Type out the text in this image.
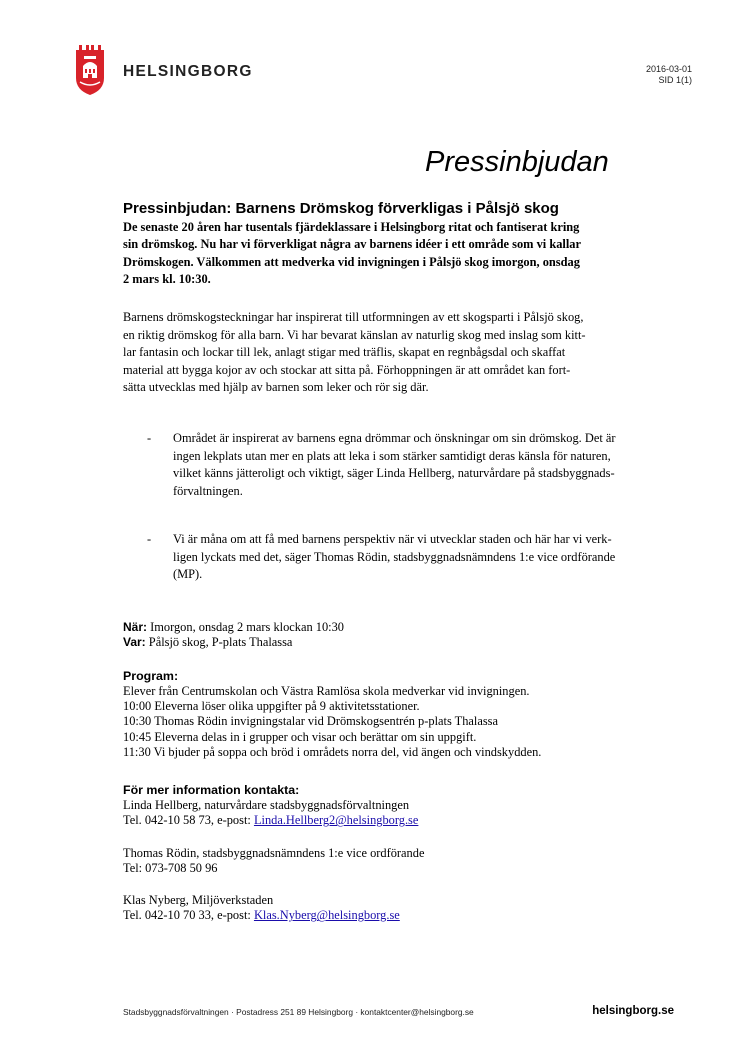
HELSINGBORG	2016-03-01
SID 1(1)
Pressinbjudan
Pressinbjudan: Barnens Drömskog förverkligas i Pålsjö skog
De senaste 20 åren har tusentals fjärdeklassare i Helsingborg ritat och fantiserat kring
sin drömskog. Nu har vi förverkligat några av barnens idéer i ett område som vi kallar
Drömskogen. Välkommen att medverka vid invigningen i Pålsjö skog imorgon, onsdag
2 mars kl. 10:30.
Barnens drömskogsteckningar har inspirerat till utformningen av ett skogsparti i Pålsjö skog,
en riktig drömskog för alla barn. Vi har bevarat känslan av naturlig skog med inslag som kitt-
lar fantasin och lockar till lek, anlagt stigar med träflis, skapat en regnbågsdal och skaffat
material att bygga kojor av och stockar att sitta på. Förhoppningen är att området kan fort-
sätta utvecklas med hjälp av barnen som leker och rör sig där.
- Området är inspirerat av barnens egna drömmar och önskningar om sin drömskog. Det är
ingen lekplats utan mer en plats att leka i som stärker samtidigt deras känsla för naturen,
vilket känns jätteroligt och viktigt, säger Linda Hellberg, naturvårdare på stadsbyggnads-
förvaltningen.
- Vi är måna om att få med barnens perspektiv när vi utvecklar staden och här har vi verk-
ligen lyckats med det, säger Thomas Rödin, stadsbyggnadsnämndens 1:e vice ordförande
(MP).
När: Imorgon, onsdag 2 mars klockan 10:30
Var: Pålsjö skog, P-plats Thalassa
Program:
Elever från Centrumskolan och Västra Ramlösa skola medverkar vid invigningen.
10:00 Eleverna löser olika uppgifter på 9 aktivitetsstationer.
10:30 Thomas Rödin invigningstalar vid Drömskogsentrén p-plats Thalassa
10:45 Eleverna delas in i grupper och visar och berättar om sin uppgift.
11:30 Vi bjuder på soppa och bröd i områdets norra del, vid ängen och vindskydden.
För mer information kontakta:
Linda Hellberg, naturvårdare stadsbyggnadsförvaltningen
Tel. 042-10 58 73, e-post: Linda.Hellberg2@helsingborg.se
Thomas Rödin, stadsbyggnadsnämndens 1:e vice ordförande
Tel: 073-708 50 96
Klas Nyberg, Miljöverkstaden
Tel. 042-10 70 33, e-post: Klas.Nyberg@helsingborg.se
Stadsbyggnadsförvaltningen · Postadress 251 89 Helsingborg · kontaktcenter@helsingborg.se	helsingborg.se
